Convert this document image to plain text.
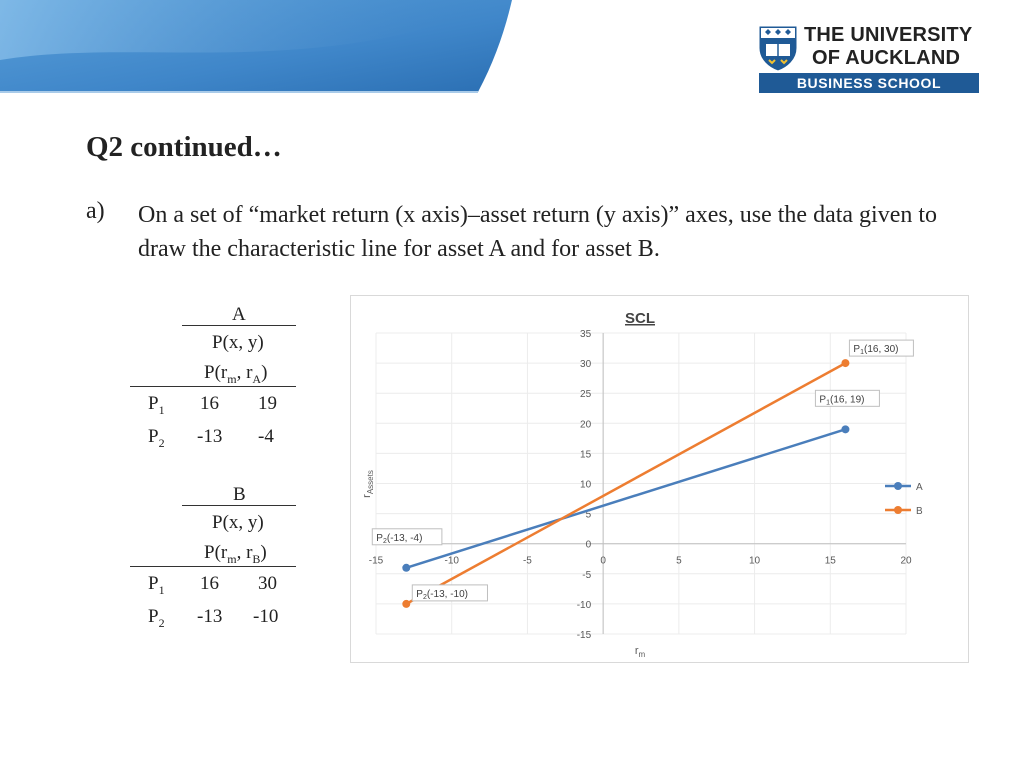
THE UNIVERSITY
OF AUCKLAND
BUSINESS SCHOOL
Q2 continued…
a) On a set of “market return (x axis)–asset return (y axis)” axes, use the data given to draw the characteristic line for asset A and for asset B.
A
P(x, y)
$P(r_m$, $r_A$)
$P_1$ 16 19
$P_2$ -13 -4
B
P(x, y)
$P(r_m$, $r_B$)
$P_1$ 16 30
$P_2$ -13 -10
SCL
-15
-10
-5
0
5
10
15
20
25
30
35
-15	-10	-5	0	5	10	15	20
$r_m$
$r_{Assets}$
$P_2(-13$, -4)
$P_1(16$, 19)
$P_2(-13$, -10)
$P_1(16$, 30)
A
B
